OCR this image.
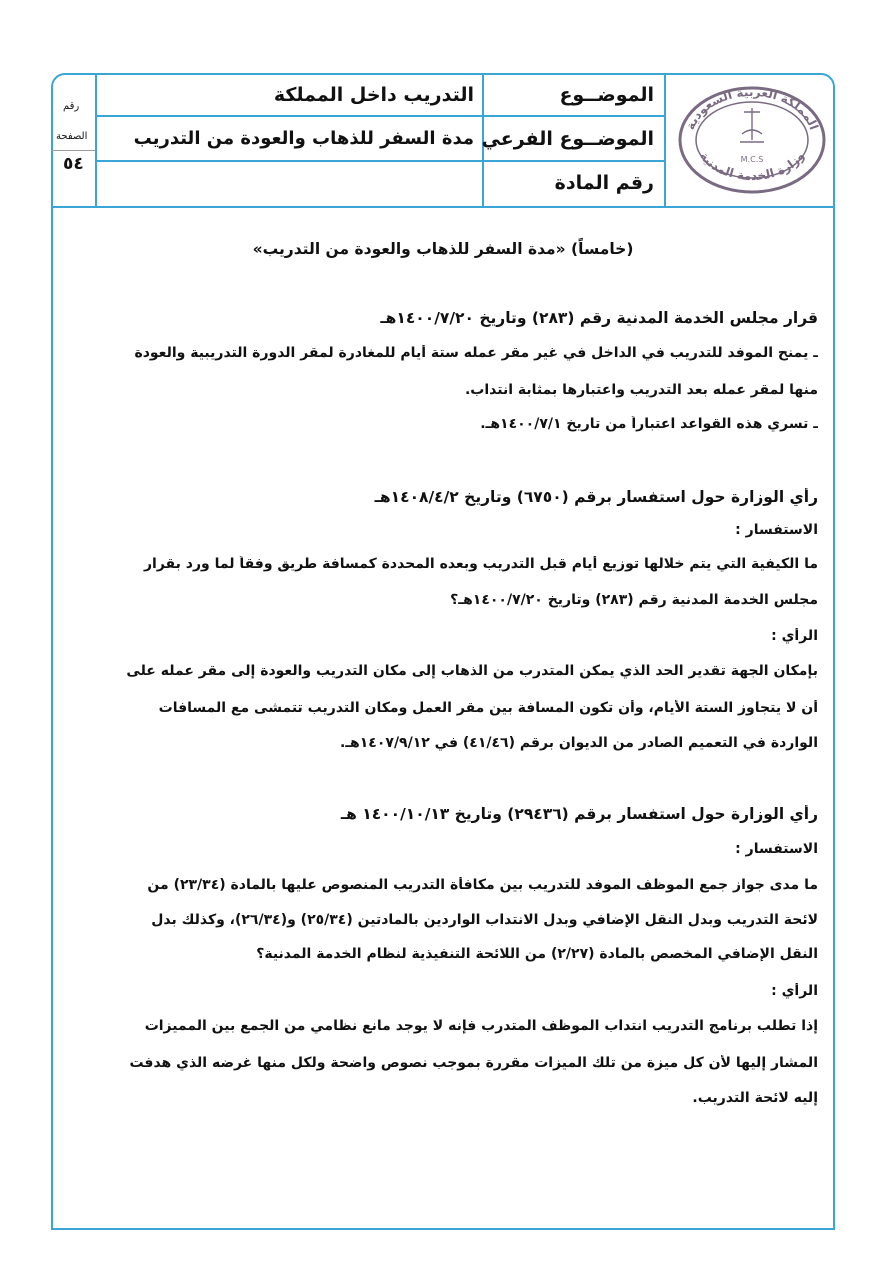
المملكة العربية السعودية
وزارة الخدمة المدنية
M.C.S
الموضــوع
التدريب داخل المملكة
الموضــوع الفرعي
مدة السفر للذهاب والعودة من التدريب
رقم المادة
رقم
الصفحة
٥٤
(خامساً) «مدة السفر للذهاب والعودة من التدريب»
قرار مجلس الخدمة المدنية رقم (٢٨٣) وتاريخ ١٤٠٠/٧/٢٠هـ
ـ يمنح الموفد للتدريب في الداخل في غير مقر عمله ستة أيام للمغادرة لمقر الدورة التدريبية والعودة
منها لمقر عمله بعد التدريب واعتبارها بمثابة انتداب.
ـ تسري هذه القواعد اعتباراً من تاريخ ١٤٠٠/٧/١هـ.
رأي الوزارة حول استفسار برقم (٦٧٥٠) وتاريخ ١٤٠٨/٤/٢هـ
الاستفسار :
ما الكيفية التي يتم خلالها توزيع أيام قبل التدريب وبعده المحددة كمسافة طريق وفقاً لما ورد بقرار
مجلس الخدمة المدنية رقم (٢٨٣) وتاريخ ١٤٠٠/٧/٢٠هـ؟
الرأي :
بإمكان الجهة تقدير الحد الذي يمكن المتدرب من الذهاب إلى مكان التدريب والعودة إلى مقر عمله على
أن لا يتجاوز الستة الأيام، وأن تكون المسافة بين مقر العمل ومكان التدريب تتمشى مع المسافات
الواردة في التعميم الصادر من الديوان برقم (٤١/٤٦) في ١٤٠٧/٩/١٢هـ.
رأي الوزارة حول استفسار برقم (٢٩٤٣٦) وتاريخ ١٤٠٠/١٠/١٣ هـ
الاستفسار :
ما مدى جواز جمع الموظف الموفد للتدريب بين مكافأة التدريب المنصوص عليها بالمادة (٢٣/٣٤) من
لائحة التدريب وبدل النقل الإضافي وبدل الانتداب الواردين بالمادتين (٢٥/٣٤) و(٢٦/٣٤)، وكذلك بدل
النقل الإضافي المخصص بالمادة (٢/٢٧) من اللائحة التنفيذية لنظام الخدمة المدنية؟
الرأي :
إذا تطلب برنامج التدريب انتداب الموظف المتدرب فإنه لا يوجد مانع نظامي من الجمع بين المميزات
المشار إليها لأن كل ميزة من تلك الميزات مقررة بموجب نصوص واضحة ولكل منها غرضه الذي هدفت
إليه لائحة التدريب.
